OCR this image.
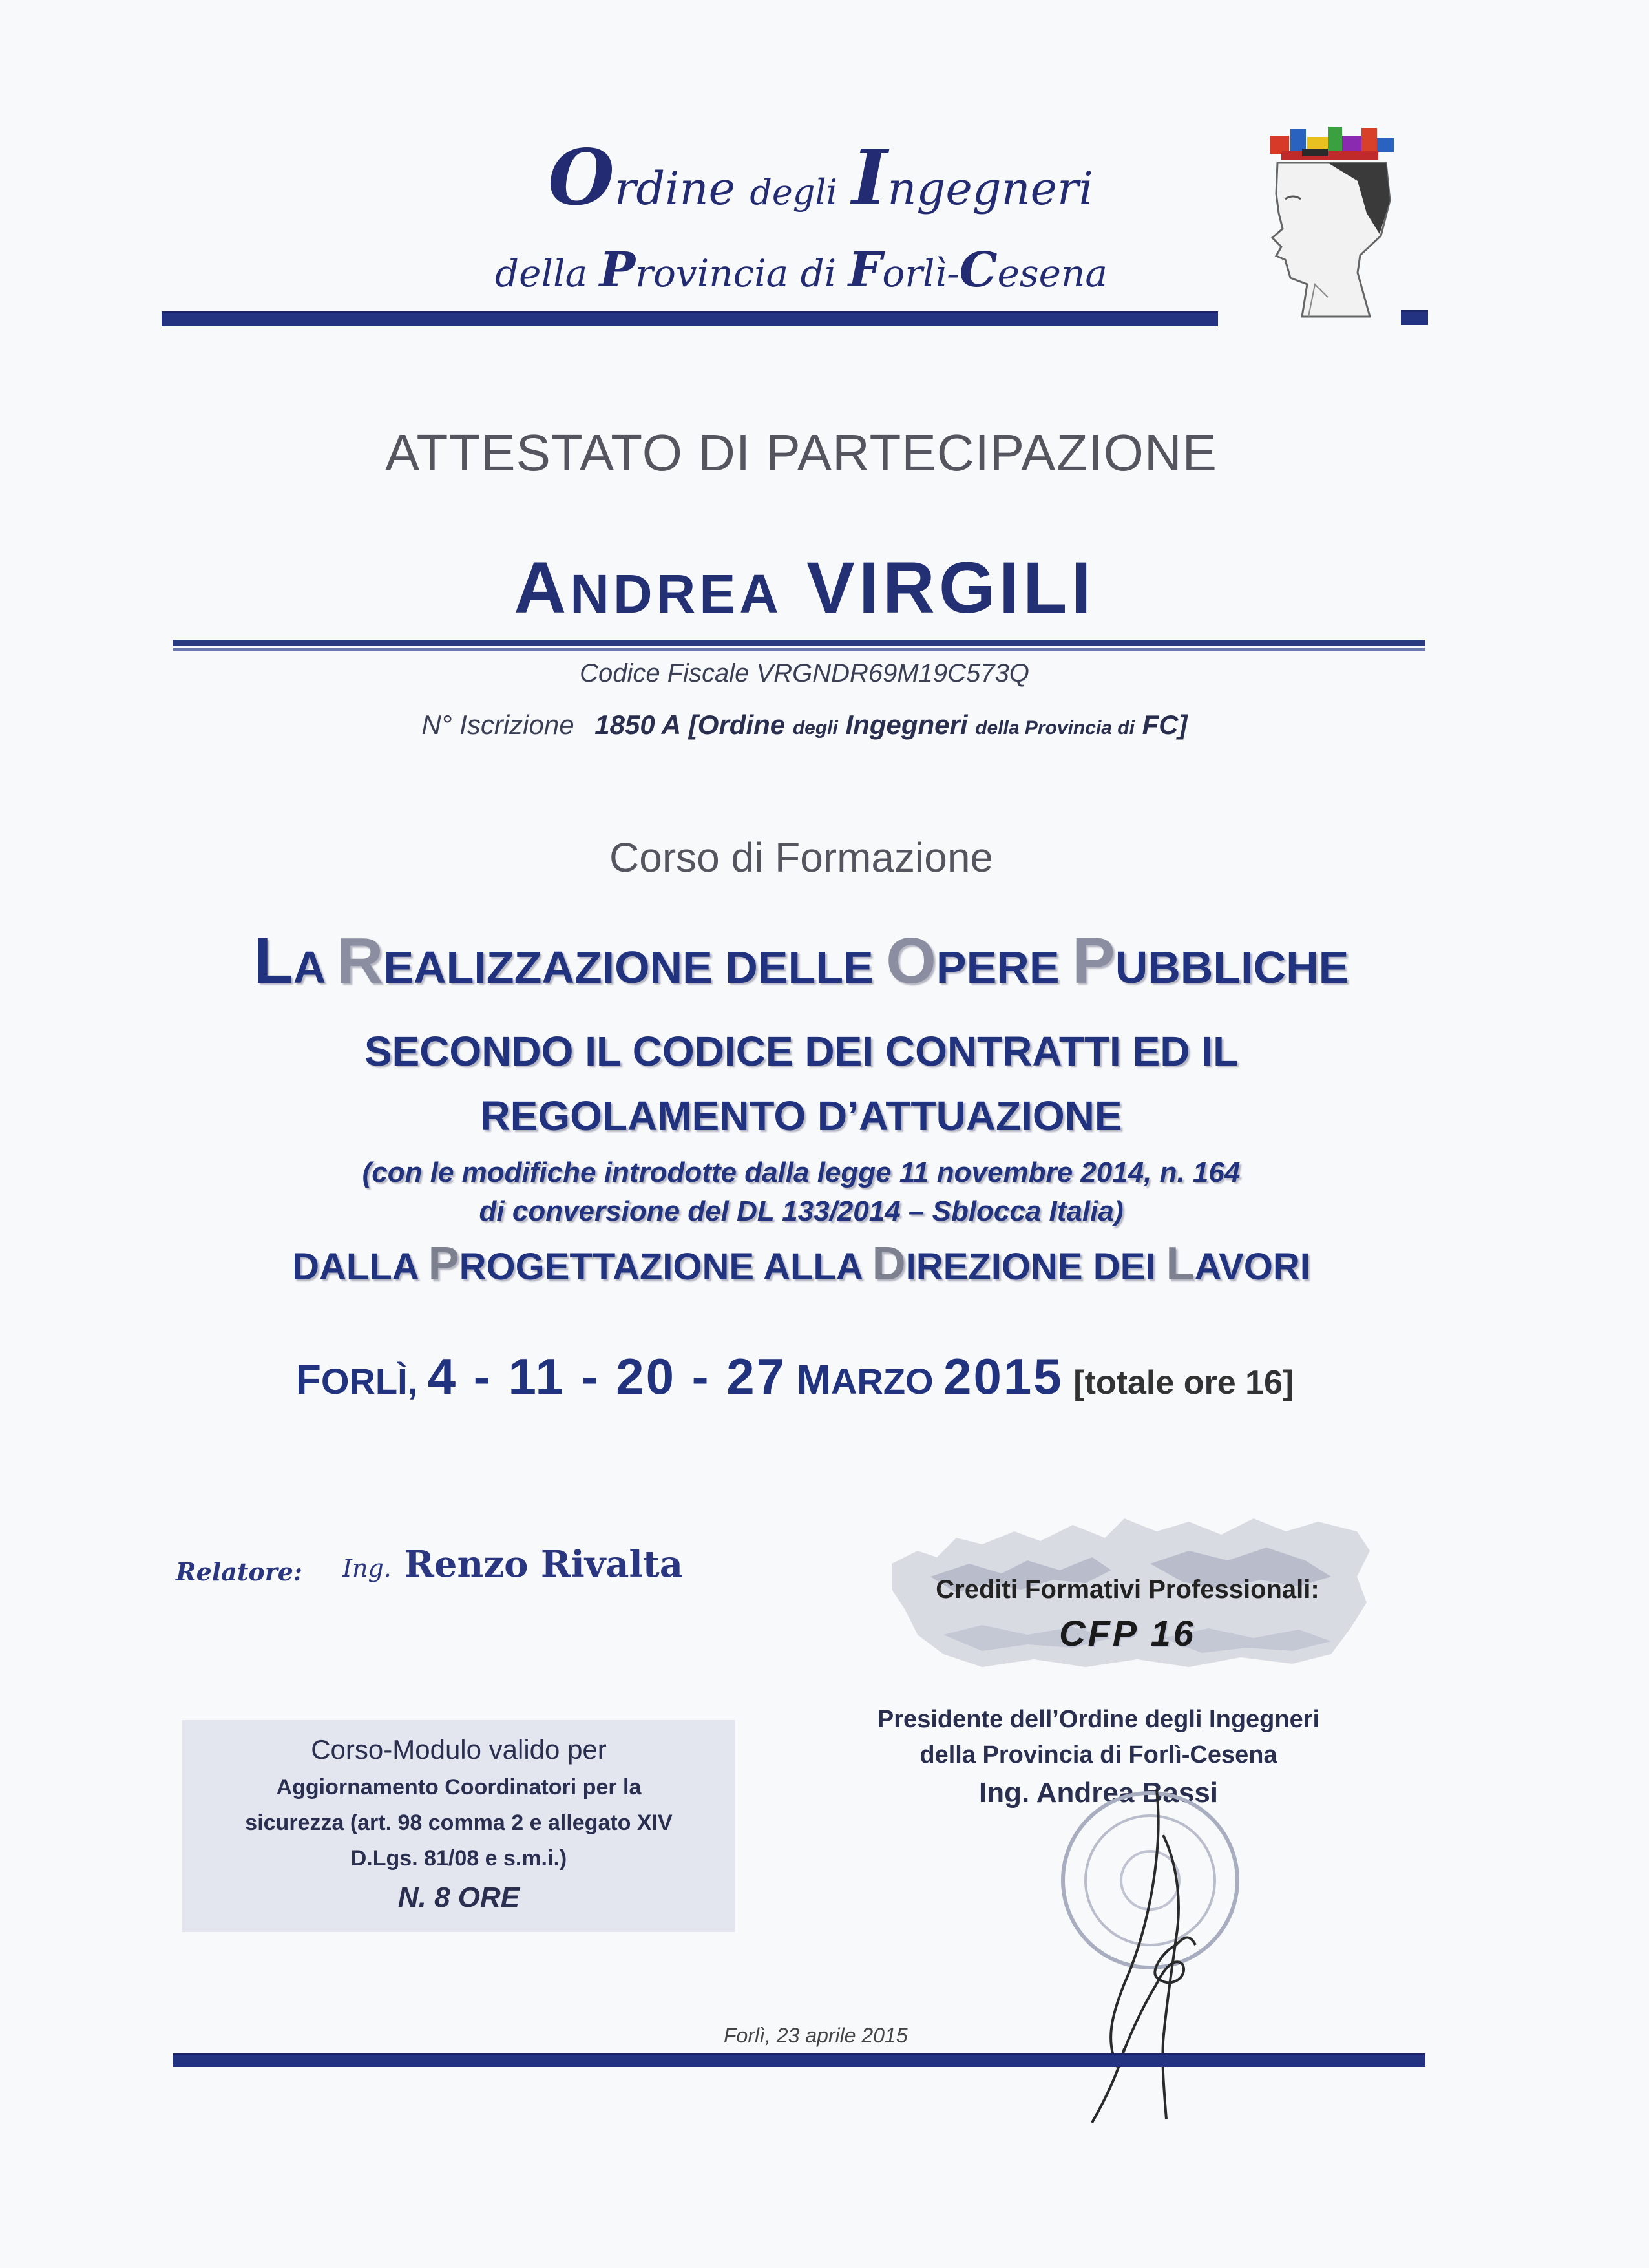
Ordine degli Ingegneri
della Provincia di Forlì-Cesena
ATTESTATO DI PARTECIPAZIONE
ANDREA VIRGILI
Codice Fiscale VRGNDR69M19C573Q
N° Iscrizione 1850 A [Ordine degli Ingegneri della Provincia di FC]
Corso di Formazione
LA REALIZZAZIONE DELLE OPERE PUBBLICHE
SECONDO IL CODICE DEI CONTRATTI ED IL
REGOLAMENTO D’ATTUAZIONE
(con le modifiche introdotte dalla legge 11 novembre 2014, n. 164
di conversione del DL 133/2014 – Sblocca Italia)
DALLA PROGETTAZIONE ALLA DIREZIONE DEI LAVORI
FORLÌ, 4 - 11 - 20 - 27 MARZO 2015 [totale ore 16]
Relatore: Ing. Renzo Rivalta
Corso-Modulo valido per
Aggiornamento Coordinatori per la
sicurezza (art. 98 comma 2 e allegato XIV
D.Lgs. 81/08 e s.m.i.)
N. 8 ORE
Crediti Formativi Professionali:
CFP 16
Presidente dell’Ordine degli Ingegneri
della Provincia di Forlì-Cesena
Ing. Andrea Bassi
Forlì, 23 aprile 2015
